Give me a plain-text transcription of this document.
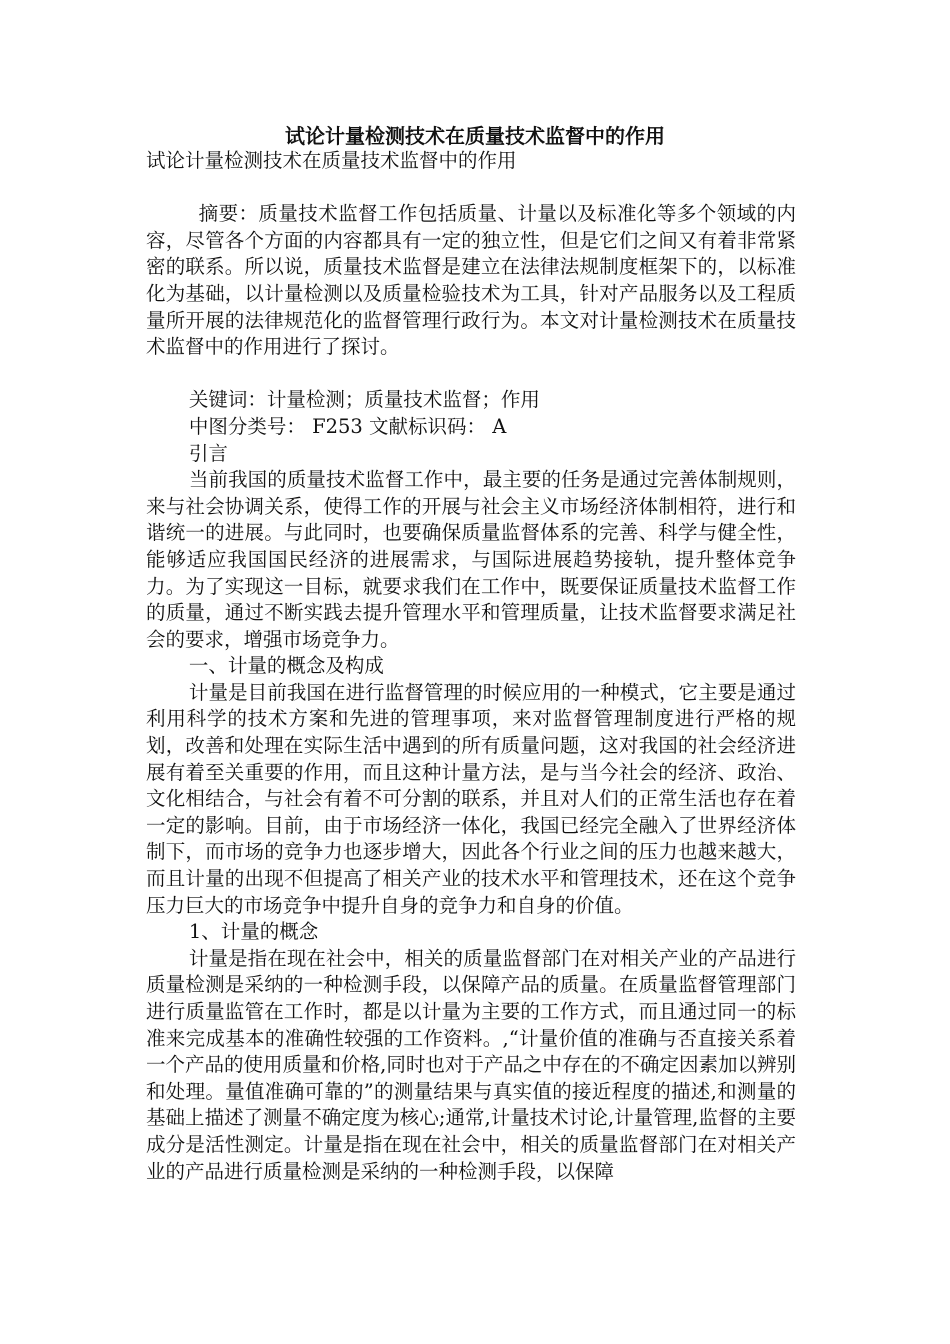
试论计量检测技术在质量技术监督中的作用

试论计量检测技术在质量技术监督中的作用

摘要：质量技术监督工作包括质量、计量以及标准化等多个领域的内容，尽管各个方面的内容都具有一定的独立性，但是它们之间又有着非常紧密的联系。所以说，质量技术监督是建立在法律法规制度框架下的，以标准化为基础，以计量检测以及质量检验技术为工具，针对产品服务以及工程质量所开展的法律规范化的监督管理行政行为。本文对计量检测技术在质量技术监督中的作用进行了探讨。

关键词：计量检测；质量技术监督；作用

中图分类号： F253 文献标识码： A

引言

当前我国的质量技术监督工作中，最主要的任务是通过完善体制规则，来与社会协调关系，使得工作的开展与社会主义市场经济体制相符，进行和谐统一的进展。与此同时，也要确保质量监督体系的完善、科学与健全性，能够适应我国国民经济的进展需求，与国际进展趋势接轨，提升整体竞争力。为了实现这一目标，就要求我们在工作中，既要保证质量技术监督工作的质量，通过不断实践去提升管理水平和管理质量，让技术监督要求满足社会的要求，增强市场竞争力。

一、计量的概念及构成

计量是目前我国在进行监督管理的时候应用的一种模式，它主要是通过利用科学的技术方案和先进的管理事项，来对监督管理制度进行严格的规划，改善和处理在实际生活中遇到的所有质量问题，这对我国的社会经济进展有着至关重要的作用，而且这种计量方法，是与当今社会的经济、政治、文化相结合，与社会有着不可分割的联系，并且对人们的正常生活也存在着一定的影响。目前，由于市场经济一体化，我国已经完全融入了世界经济体制下，而市场的竞争力也逐步增大，因此各个行业之间的压力也越来越大，而且计量的出现不但提高了相关产业的技术水平和管理技术，还在这个竞争压力巨大的市场竞争中提升自身的竞争力和自身的价值。

1、计量的概念

计量是指在现在社会中，相关的质量监督部门在对相关产业的产品进行质量检测是采纳的一种检测手段，以保障产品的质量。在质量监督管理部门进行质量监管在工作时，都是以计量为主要的工作方式，而且通过同一的标准来完成基本的准确性较强的工作资料。,“计量价值的准确与否直接关系着一个产品的使用质量和价格,同时也对于产品之中存在的不确定因素加以辨别和处理。量值准确可靠的”的测量结果与真实值的接近程度的描述,和测量的基础上描述了测量不确定度为核心;通常,计量技术讨论,计量管理,监督的主要成分是活性测定。计量是指在现在社会中，相关的质量监督部门在对相关产业的产品进行质量检测是采纳的一种检测手段，以保障
